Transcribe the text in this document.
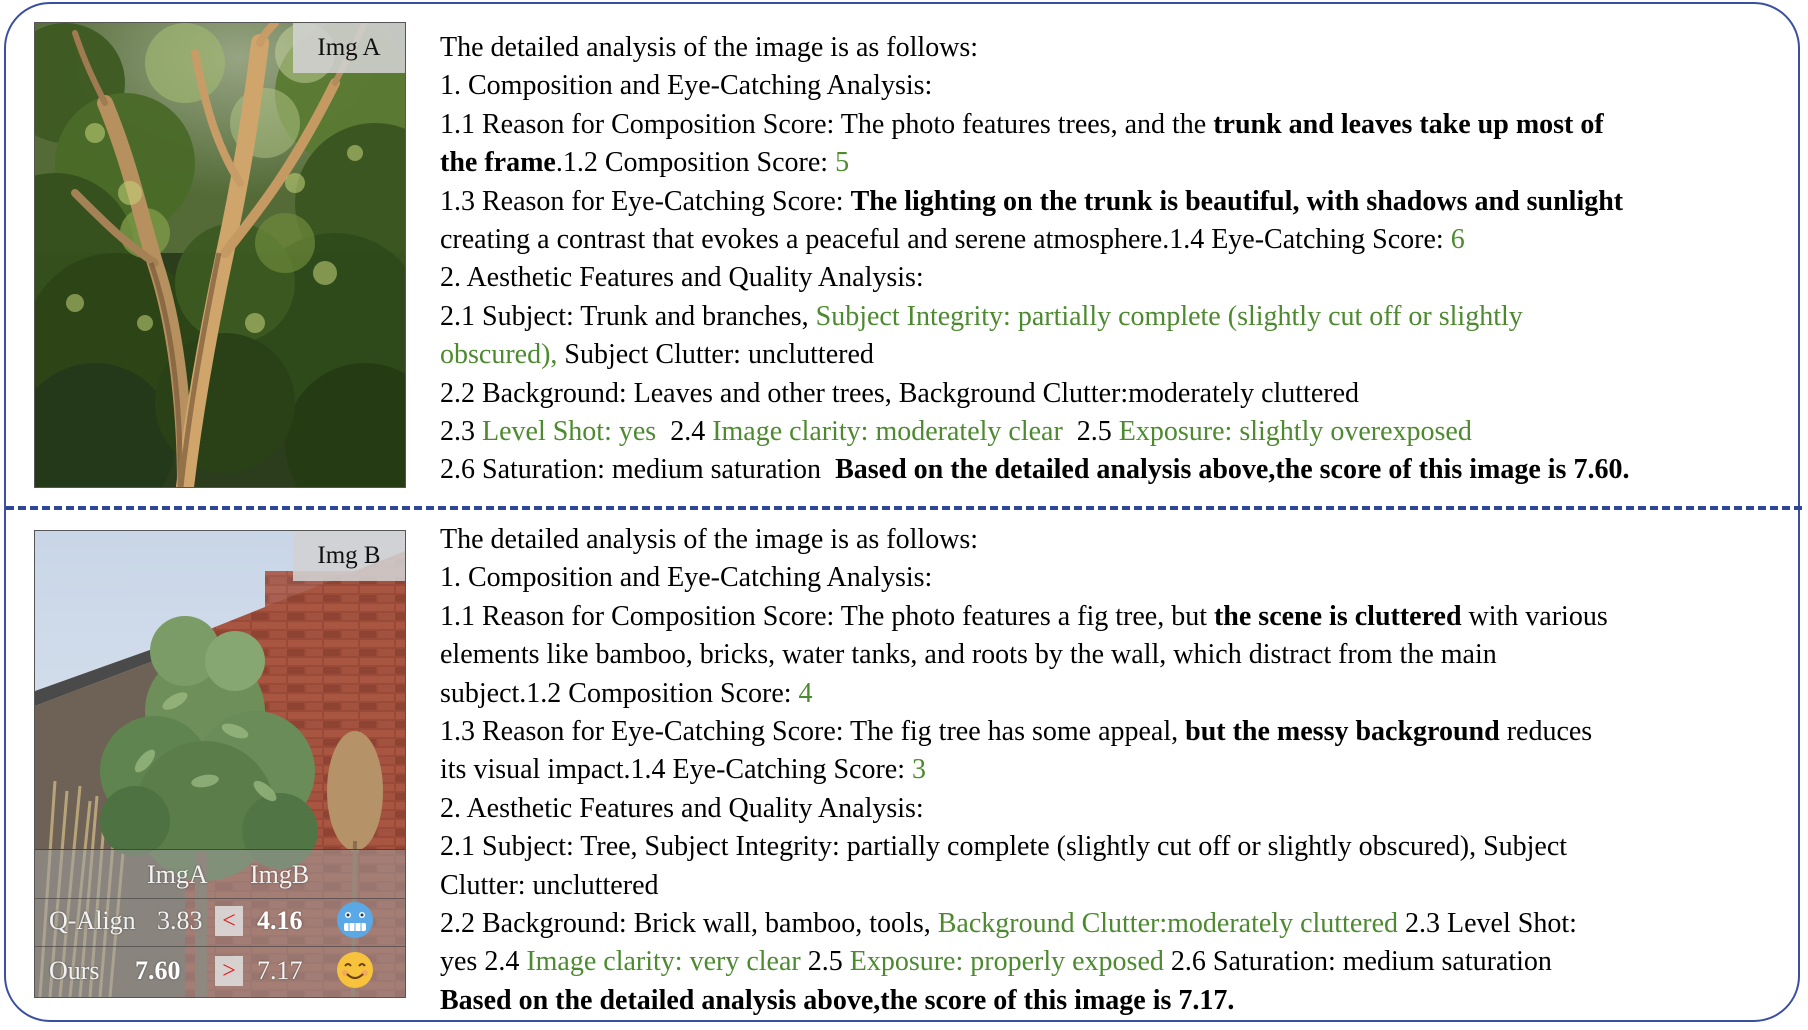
Img A	The detailed analysis of the image is as follows:

1. Composition and Eye-Catching Analysis:

1.1 Reason for Composition Score: The photo features trees, and the trunk and leaves take up most of

the frame.1.2 Composition Score: 5

1.3 Reason for Eye-Catching Score: The lighting on the trunk is beautiful, with shadows and sunlight

creating a contrast that evokes a peaceful and serene atmosphere.1.4 Eye-Catching Score: 6

2. Aesthetic Features and Quality Analysis:

2.1 Subject: Trunk and branches, Subject Integrity: partially complete (slightly cut off or slightly

obscured), Subject Clutter: uncluttered

2.2 Background: Leaves and other trees, Background Clutter:moderately cluttered

2.3 Level Shot: yes  2.4 Image clarity: moderately clear  2.5 Exposure: slightly overexposed

2.6 Saturation: medium saturation  Based on the detailed analysis above,the score of this image is 7.60.

Img B
ImgA ImgB
Q-Align 3.83 < 4.16
Ours 7.60	> 7.17

The detailed analysis of the image is as follows:

1. Composition and Eye-Catching Analysis:

1.1 Reason for Composition Score: The photo features a fig tree, but the scene is cluttered with various

elements like bamboo, bricks, water tanks, and roots by the wall, which distract from the main

subject.1.2 Composition Score: 4

1.3 Reason for Eye-Catching Score: The fig tree has some appeal, but the messy background reduces

its visual impact.1.4 Eye-Catching Score: 3

2. Aesthetic Features and Quality Analysis:

2.1 Subject: Tree, Subject Integrity: partially complete (slightly cut off or slightly obscured), Subject

Clutter: uncluttered

2.2 Background: Brick wall, bamboo, tools, Background Clutter:moderately cluttered 2.3 Level Shot:

yes 2.4 Image clarity: very clear 2.5 Exposure: properly exposed 2.6 Saturation: medium saturation

Based on the detailed analysis above,the score of this image is 7.17.
